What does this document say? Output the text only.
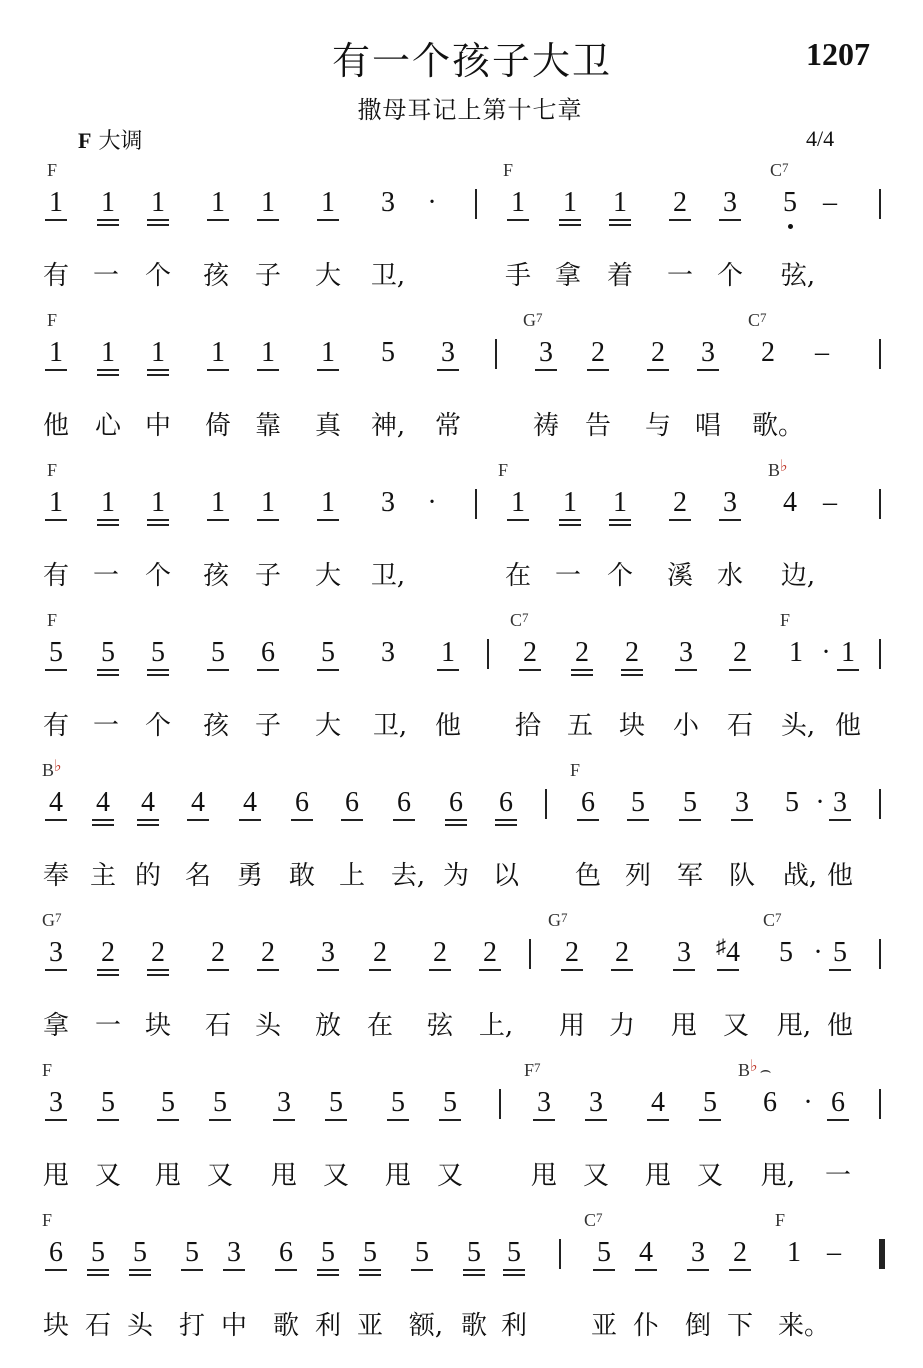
有一个孩子大卫	1207
撒母耳记上第十七章
F 大调	4/4
F	F	$C^7$
1 1 1 1 1 1 3 ·	1 1 1 2 3 5 –
有 一 个 孩 子 大 卫,	手 拿 着 一 个 弦,
F	$G^7$	$C^7$
1 1 1 1 1 1 5 3	3 2 2 3 2 –
他 心 中 倚 靠 真 神, 常	祷 告 与 唱 歌。
F	F	B♭
1 1 1 1 1 1 3 ·	1 1 1 2 3 4 –
有 一 个 孩 子 大 卫,	在 一 个 溪 水 边,
F	$C^7$	F
5 5 5 5 6 5 3 1 2 2 2 3 2 1 · 1
有 一 个 孩 子 大 卫, 他 拾 五 块 小 石 头, 他
B♭	F
4 4 4 4 4 6 6 6 6 6 6 5 5 3 5 · 3
奉 主 的 名 勇 敢 上 去, 为 以 色 列 军 队 战, 他
$G^7$	$G^7$	$C^7$
3 2 2 2 2 3 2 2 2 2 2 3 ♯4 5 · 5
拿 一 块 石 头 放 在 弦 上, 用 力 甩 又 甩, 他
F	$F^7$	B♭ ⌢
3 5 5 5 3 5 5 5	3 3 4 5 6 · 6
甩 又 甩 又 甩 又 甩 又	甩 又 甩 又 甩, 一
F	$C^7$	F
6 5 5 5 3 6 5 5 5 5 5	5 4 3 2 1 –
块 石 头 打 中 歌 利 亚 额, 歌 利 亚 仆 倒 下 来。
